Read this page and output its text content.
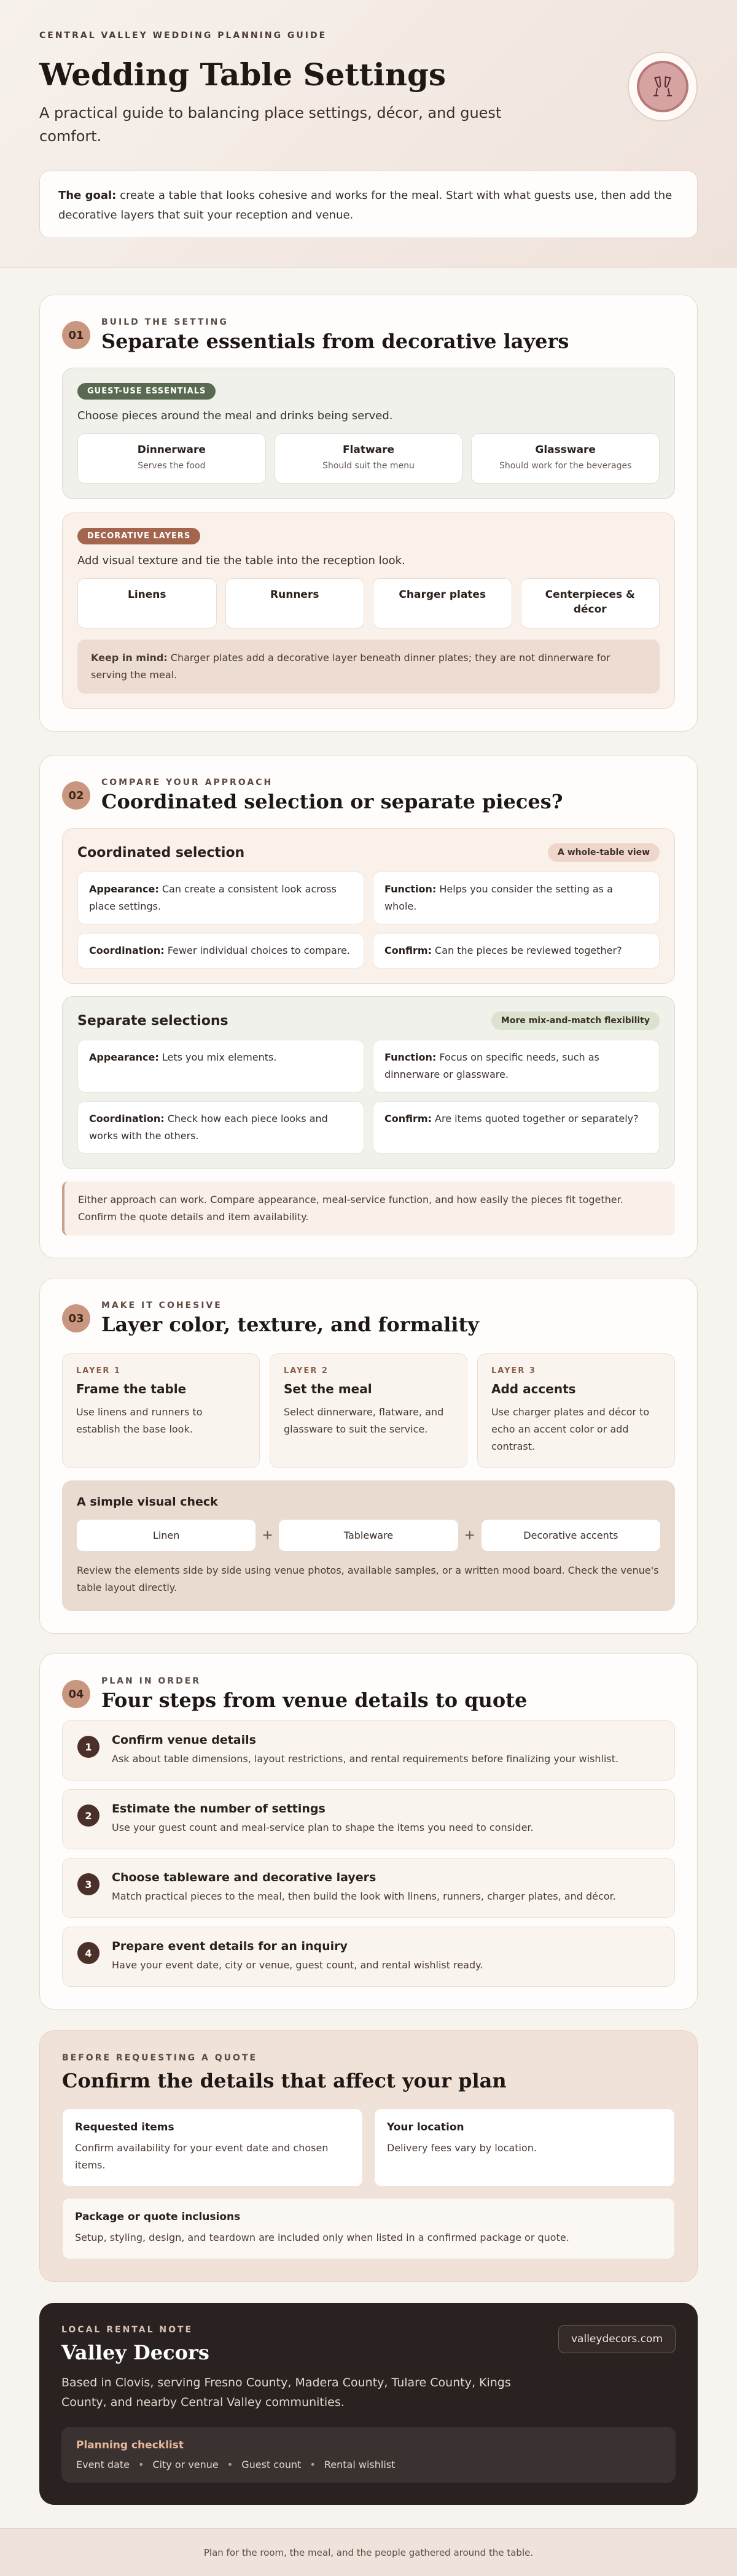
CENTRAL VALLEY WEDDING PLANNING GUIDE
Wedding Table Settings

A practical guide to balancing place settings, décor, and guest comfort.

The goal: create a table that looks cohesive and works for the meal. Start with what guests use, then add the decorative layers that suit your reception and venue.
01
BUILD THE SETTING
Separate essentials from decorative layers
GUEST-USE ESSENTIALS

Choose pieces around the meal and drinks being served.

Dinnerware
Serves the food
Flatware
Should suit the menu
Glassware
Should work for the beverages
DECORATIVE LAYERS

Add visual texture and tie the table into the reception look.

Linens	Runners	Charger plates	Centerpieces & décor
Keep in mind: Charger plates add a decorative layer beneath dinner plates; they are not dinnerware for serving the meal.
02
COMPARE YOUR APPROACH
Coordinated selection or separate pieces?
Coordinated selection	A whole-table view
Appearance: Can create a consistent look across place settings.
Function: Helps you consider the setting as a whole.
Coordination: Fewer individual choices to compare.	Confirm: Can the pieces be reviewed together?
Separate selections	More mix-and-match flexibility
Appearance: Lets you mix elements.	Function: Focus on specific needs, such as dinnerware or glassware.
Coordination: Check how each piece looks and works with the others.
Confirm: Are items quoted together or separately?
Either approach can work. Compare appearance, meal-service function, and how easily the pieces fit together. Confirm the quote details and item availability.
03
MAKE IT COHESIVE
Layer color, texture, and formality
LAYER 1
Frame the table
Use linens and runners to establish the base look.
LAYER 2
Set the meal
Select dinnerware, flatware, and glassware to suit the service.
LAYER 3
Add accents
Use charger plates and décor to echo an accent color or add contrast.
A simple visual check
Linen	+	Tableware	+	Decorative accents

Review the elements side by side using venue photos, available samples, or a written mood board. Check the venue's table layout directly.

04
PLAN IN ORDER
Four steps from venue details to quote
1	Confirm venue details
Ask about table dimensions, layout restrictions, and rental requirements before finalizing your wishlist.
2	Estimate the number of settings
Use your guest count and meal-service plan to shape the items you need to consider.
3	Choose tableware and decorative layers
Match practical pieces to the meal, then build the look with linens, runners, charger plates, and décor.
4	Prepare event details for an inquiry
Have your event date, city or venue, guest count, and rental wishlist ready.
BEFORE REQUESTING A QUOTE
Confirm the details that affect your plan
Requested items
Confirm availability for your event date and chosen items.
Your location
Delivery fees vary by location.
Package or quote inclusions
Setup, styling, design, and teardown are included only when listed in a confirmed package or quote.
LOCAL RENTAL NOTE
Valley Decors

Based in Clovis, serving Fresno County, Madera County, Tulare County, Kings County, and nearby Central Valley communities.

valleydecors.com
Planning checklist
Event date • City or venue • Guest count • Rental wishlist
Plan for the room, the meal, and the people gathered around the table.
